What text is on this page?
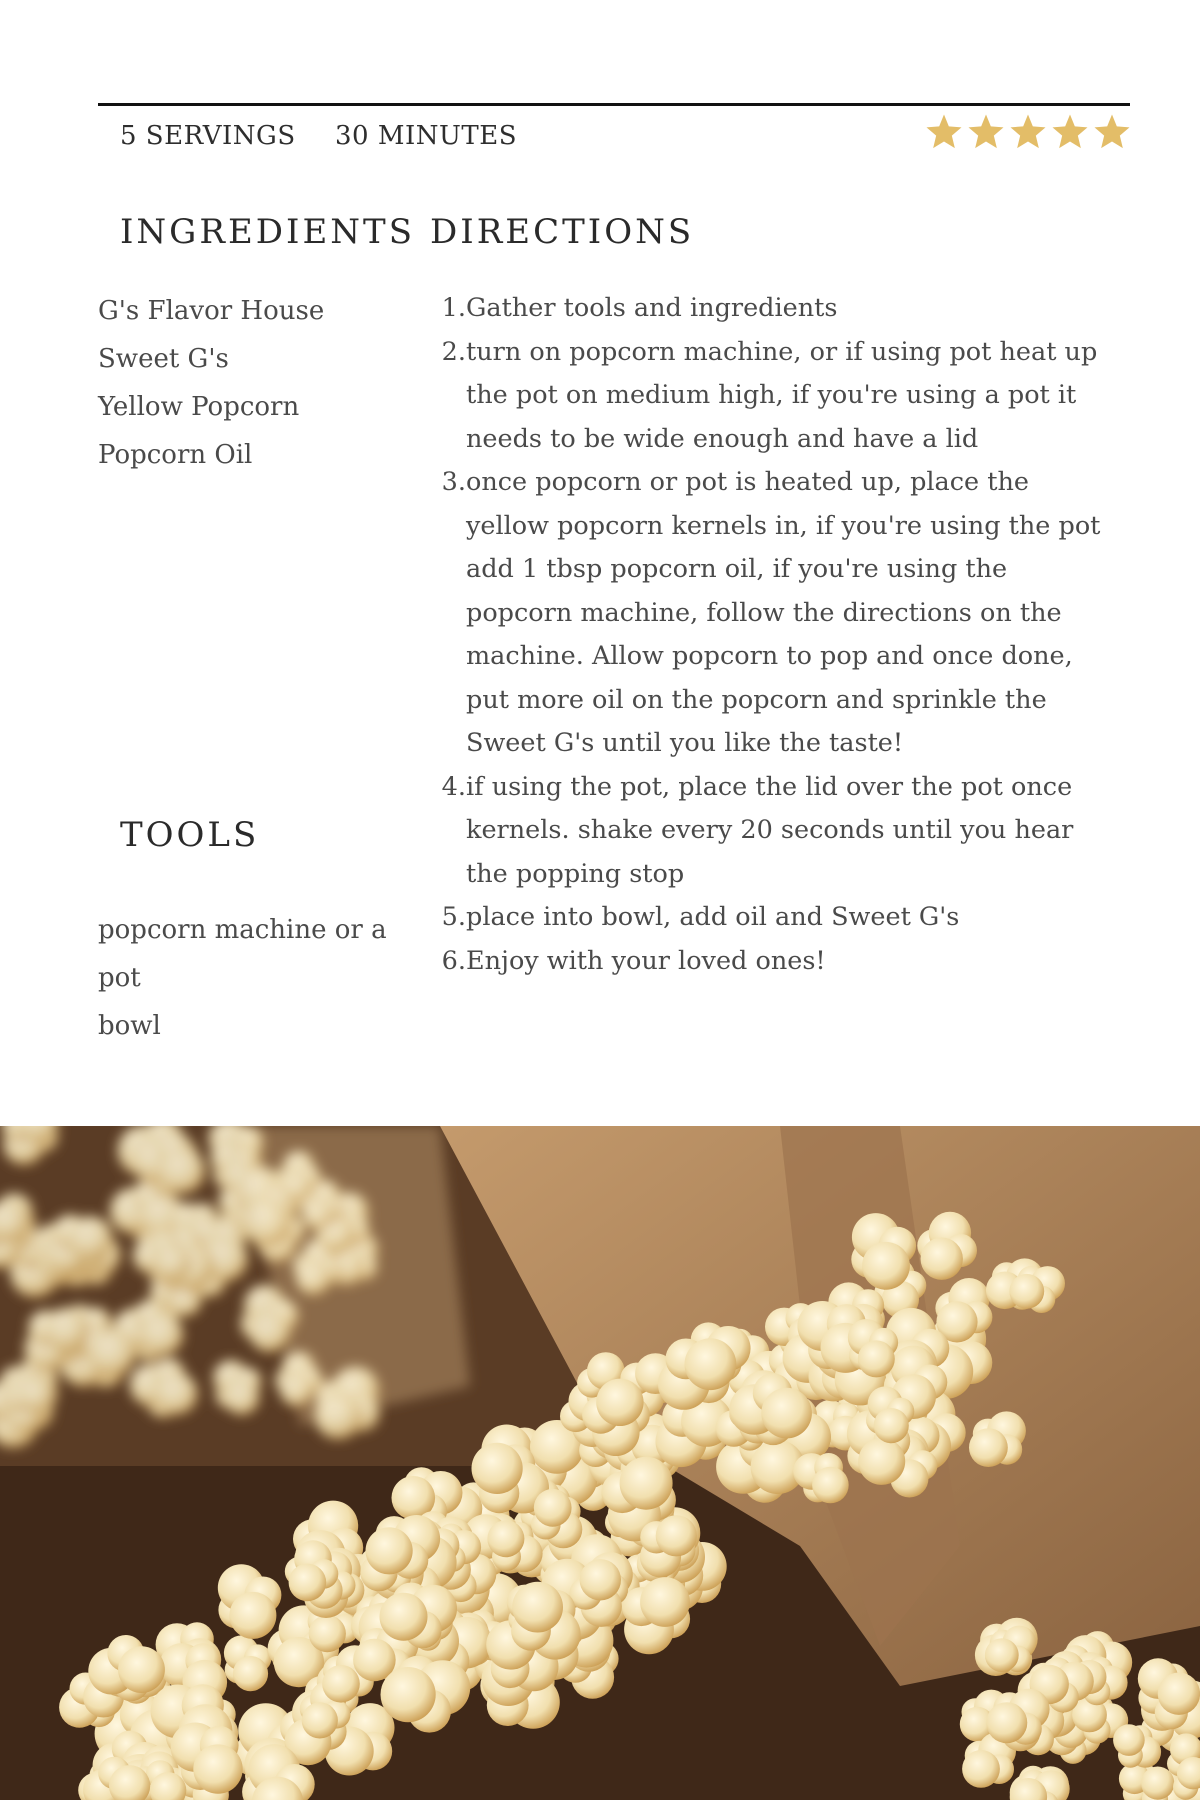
5 SERVINGS 30 MINUTES
INGREDIENTS
G's Flavor House
Sweet G's
Yellow Popcorn
Popcorn Oil
TOOLS
popcorn machine or a pot
bowl
DIRECTIONS
1. Gather tools and ingredients
2. turn on popcorn machine, or if using pot heat up the pot on medium high, if you're using a pot it needs to be wide enough and have a lid
3. once popcorn or pot is heated up, place the yellow popcorn kernels in, if you're using the pot add 1 tbsp popcorn oil, if you're using the popcorn machine, follow the directions on the machine. Allow popcorn to pop and once done, put more oil on the popcorn and sprinkle the Sweet G's until you like the taste!
4. if using the pot, place the lid over the pot once kernels. shake every 20 seconds until you hear the popping stop
5. place into bowl, add oil and Sweet G's
6. Enjoy with your loved ones!
